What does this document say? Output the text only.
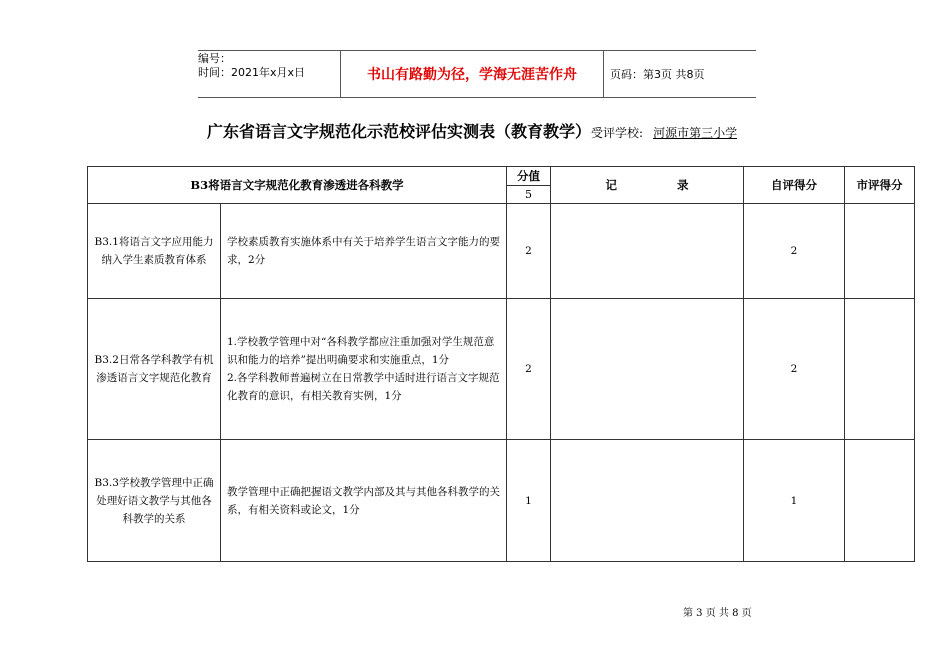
编号：
时间：2021年x月x日	书山有路勤为径，学海无涯苦作舟	页码：第3页 共8页
广东省语言文字规范化示范校评估实测表（教育教学）受评学校: 河源市第三小学
B3将语言文字规范化教育渗透进各科教学		分值
5	记 录	自评得分	市评得分
B3.1将语言文字应用能力纳入学生素质教育体系	学校素质教育实施体系中有关于培养学生语言文字能力的要求，2分	2		2	
B3.2日常各学科教学有机渗透语言文字规范化教育	1.学校教学管理中对“各科教学都应注重加强对学生规范意识和能力的培养”提出明确要求和实施重点，1分
2.各学科教师普遍树立在日常教学中适时进行语言文字规范化教育的意识，有相关教育实例，1分	2		2	
B3.3学校教学管理中正确处理好语文教学与其他各科教学的关系	教学管理中正确把握语文教学内部及其与其他各科教学的关系，有相关资料或论文，1分	1		1	
第 3 页 共 8 页
